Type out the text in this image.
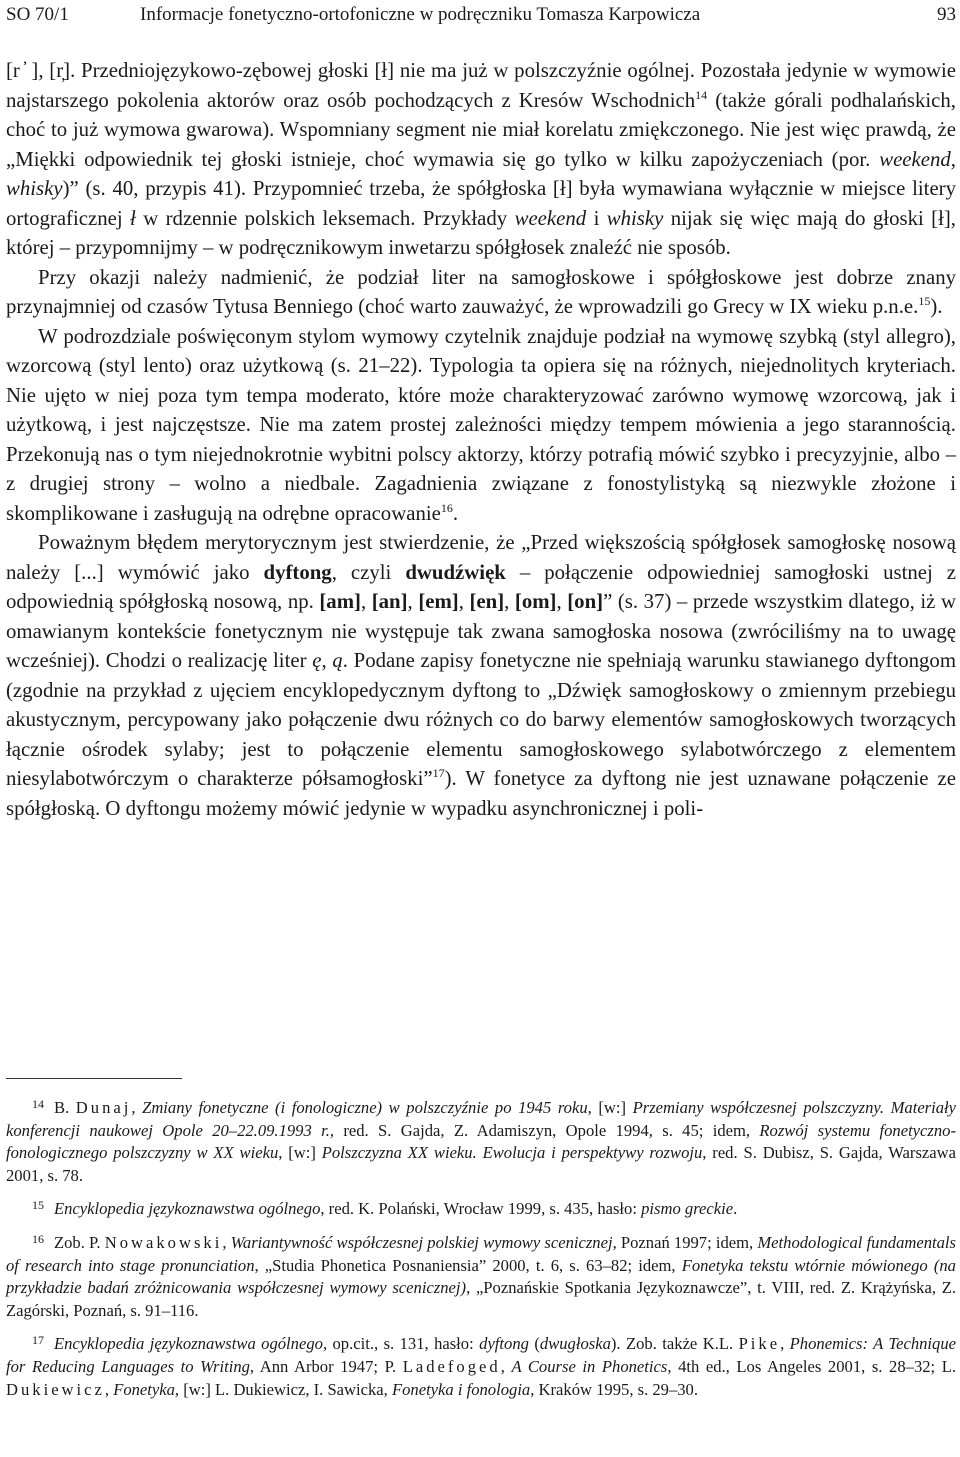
SO 70/1	Informacje fonetyczno-ortofoniczne w podręczniku Tomasza Karpowicza	93

[r ̓ ], [r̦]. Przedniojęzykowo-zębowej głoski [ł] nie ma już w polszczyźnie ogólnej. Pozostała jedynie w wymowie najstarszego pokolenia aktorów oraz osób pochodzących z Kresów Wschodnich$^{14}$ (także górali podhalańskich, choć to już wymowa gwarowa). Wspomniany segment nie miał korelatu zmiękczonego. Nie jest więc prawdą, że „Miękki odpowiednik tej głoski istnieje, choć wymawia się go tylko w kilku zapożyczeniach (por. weekend, whisky)” (s. 40, przypis 41). Przypomnieć trzeba, że spółgłoska [ł] była wymawiana wyłącznie w miejsce litery ortograficznej ł w rdzennie polskich leksemach. Przykłady weekend i whisky nijak się więc mają do głoski [ł], której – przypomnijmy – w podręcznikowym inwetarzu spółgłosek znaleźć nie sposób.

Przy okazji należy nadmienić, że podział liter na samogłoskowe i spółgłoskowe jest dobrze znany przynajmniej od czasów Tytusa Benniego (choć warto zauważyć, że wprowadzili go Grecy w IX wieku p.n.e.$^{15}$).

W podrozdziale poświęconym stylom wymowy czytelnik znajduje podział na wymowę szybką (styl allegro), wzorcową (styl lento) oraz użytkową (s. 21–22). Typologia ta opiera się na różnych, niejednolitych kryteriach. Nie ujęto w niej poza tym tempa moderato, które może charakteryzować zarówno wymowę wzorcową, jak i użytkową, i jest najczęstsze. Nie ma zatem prostej zależności między tempem mówienia a jego starannością. Przekonują nas o tym niejednokrotnie wybitni polscy aktorzy, którzy potrafią mówić szybko i precyzyjnie, albo – z drugiej strony – wolno a niedbale. Zagadnienia związane z fonostylistyką są niezwykle złożone i skomplikowane i zasługują na odrębne opracowanie$^{16}$.

Poważnym błędem merytorycznym jest stwierdzenie, że „Przed większością spółgłosek samogłoskę nosową należy [...] wymówić jako dyftong, czyli dwudźwięk – połączenie odpowiedniej samogłoski ustnej z odpowiednią spółgłoską nosową, np. [am], [an], [em], [en], [om], [on]” (s. 37) – przede wszystkim dlatego, iż w omawianym kontekście fonetycznym nie występuje tak zwana samogłoska nosowa (zwróciliśmy na to uwagę wcześniej). Chodzi o realizację liter ę, ą. Podane zapisy fonetyczne nie spełniają warunku stawianego dyftongom (zgodnie na przykład z ujęciem encyklopedycznym dyftong to „Dźwięk samogłoskowy o zmiennym przebiegu akustycznym, percypowany jako połączenie dwu różnych co do barwy elementów samogłoskowych tworzących łącznie ośrodek sylaby; jest to połączenie elementu samogłoskowego sylabotwórczego z elementem niesylabotwórczym o charakterze półsamogłoski”$^{17}$). W fonetyce za dyftong nie jest uznawane połączenie ze spółgłoską. O dyftongu możemy mówić jedynie w wypadku asynchronicznej i poli-

$^{14}$ B. Dunaj, Zmiany fonetyczne (i fonologiczne) w polszczyźnie po 1945 roku, [w:] Przemiany współczesnej polszczyzny. Materiały konferencji naukowej Opole 20–22.09.1993 r., red. S. Gajda, Z. Adamiszyn, Opole 1994, s. 45; idem, Rozwój systemu fonetyczno-fonologicznego polszczyzny w XX wieku, [w:] Polszczyzna XX wieku. Ewolucja i perspektywy rozwoju, red. S. Dubisz, S. Gajda, Warszawa 2001, s. 78.

$^{15}$ Encyklopedia językoznawstwa ogólnego, red. K. Polański, Wrocław 1999, s. 435, hasło: pismo greckie.

$^{16}$ Zob. P. Nowakowski, Wariantywność współczesnej polskiej wymowy scenicznej, Poznań 1997; idem, Methodological fundamentals of research into stage pronunciation, „Studia Phonetica Posnaniensia” 2000, t. 6, s. 63–82; idem, Fonetyka tekstu wtórnie mówionego (na przykładzie badań zróżnicowania współczesnej wymowy scenicznej), „Poznańskie Spotkania Językoznawcze”, t. VIII, red. Z. Krążyńska, Z. Zagórski, Poznań, s. 91–116.

$^{17}$ Encyklopedia językoznawstwa ogólnego, op.cit., s. 131, hasło: dyftong (dwugłoska). Zob. także K.L. Pike, Phonemics: A Technique for Reducing Languages to Writing, Ann Arbor 1947; P. Ladefoged, A Course in Phonetics, 4th ed., Los Angeles 2001, s. 28–32; L. Dukiewicz, Fonetyka, [w:] L. Dukiewicz, I. Sawicka, Fonetyka i fonologia, Kraków 1995, s. 29–30.
